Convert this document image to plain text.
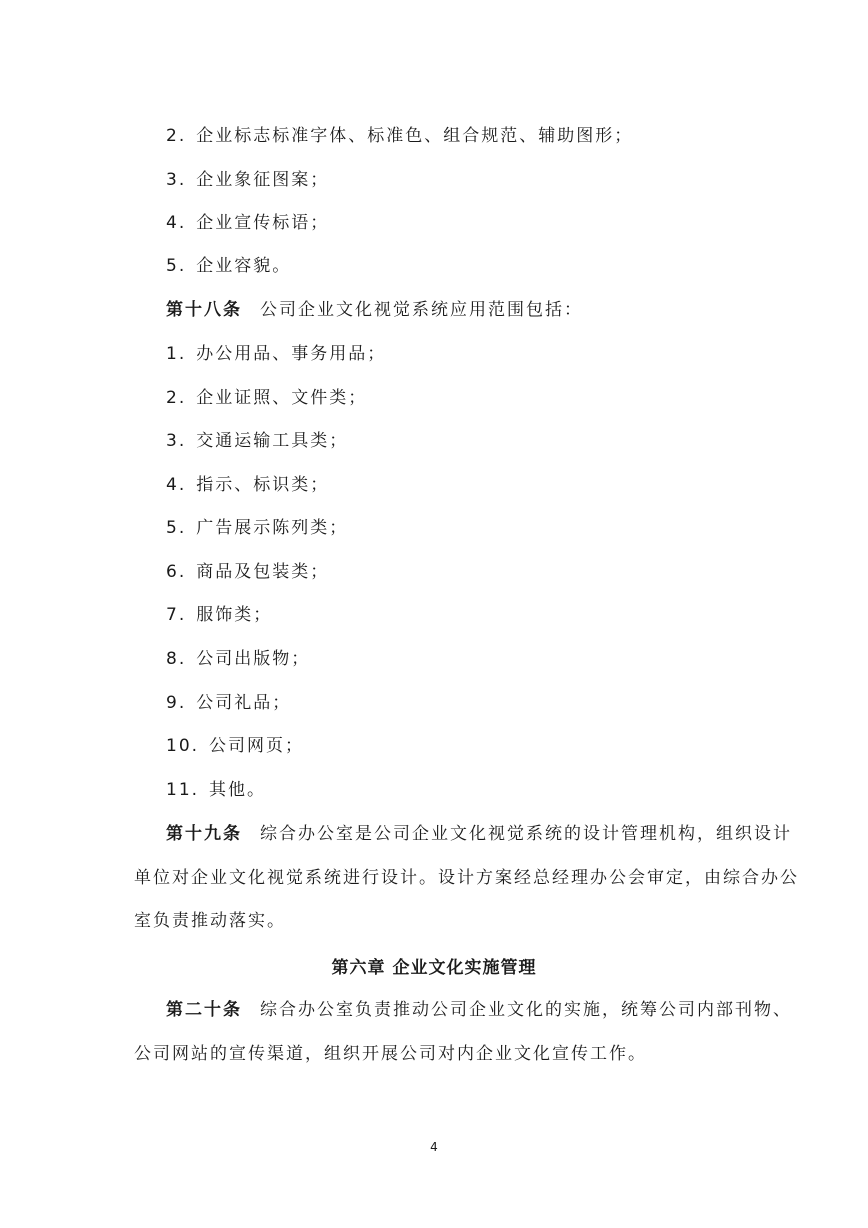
2. 企业标志标准字体、标准色、组合规范、辅助图形；
3. 企业象征图案；
4. 企业宣传标语；
5. 企业容貌。
第十八条 公司企业文化视觉系统应用范围包括：
1. 办公用品、事务用品；
2. 企业证照、文件类；
3. 交通运输工具类；
4. 指示、标识类；
5. 广告展示陈列类；
6. 商品及包装类；
7. 服饰类；
8. 公司出版物；
9. 公司礼品；
10. 公司网页；
11. 其他。
第十九条 综合办公室是公司企业文化视觉系统的设计管理机构，组织设计
单位对企业文化视觉系统进行设计。设计方案经总经理办公会审定，由综合办公
室负责推动落实。
第六章 企业文化实施管理
第二十条 综合办公室负责推动公司企业文化的实施，统筹公司内部刊物、
公司网站的宣传渠道，组织开展公司对内企业文化宣传工作。
4
